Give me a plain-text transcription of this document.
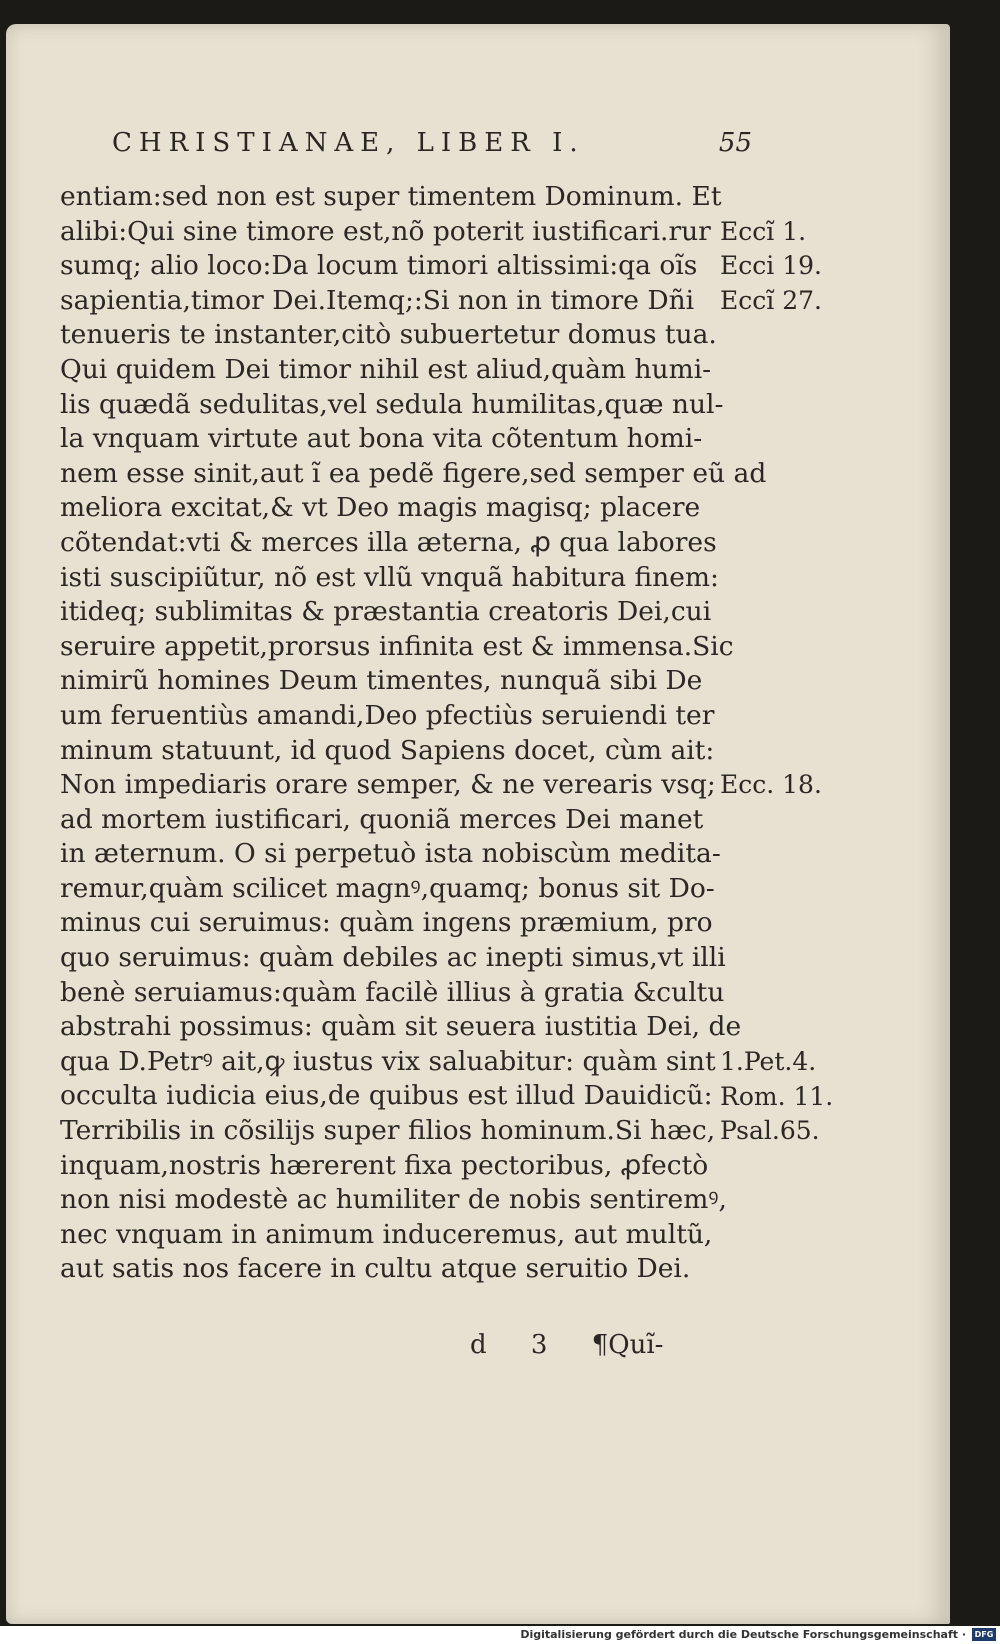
CHRISTIANAE, LIBER I.	55
entiam:sed non est super timentem Dominum. Et
alibi:Qui sine timore est,nõ poterit iustificari.rur
sumq; alio loco:Da locum timori altissimi:qa oĩs
sapientia,timor Dei.Itemq;:Si non in timore Dñi
tenueris te instanter,citò subuertetur domus tua.
Qui quidem Dei timor nihil est aliud,quàm humi-
lis quædã sedulitas,vel sedula humilitas,quæ nul-
la vnquam virtute aut bona vita cõtentum homi-
nem esse sinit,aut ĩ ea pedẽ figere,sed semper eũ ad
meliora excitat,& vt Deo magis magisq; placere
cõtendat:vti & merces illa æterna, ꝓ qua labores
isti suscipiũtur, nõ est vllũ vnquã habitura finem:
itideq; sublimitas & præstantia creatoris Dei,cui
seruire appetit,prorsus infinita est & immensa.Sic
nimirũ homines Deum timentes, nunquã sibi De
um feruentiùs amandi,Deo pfectiùs seruiendi ter
minum statuunt, id quod Sapiens docet, cùm ait:
Non impediaris orare semper, & ne verearis vsq;
ad mortem iustificari, quoniã merces Dei manet
in æternum. O si perpetuò ista nobiscùm medita-
remur,quàm scilicet magnꝰ,quamq; bonus sit Do-
minus cui seruimus: quàm ingens præmium, pro
quo seruimus: quàm debiles ac inepti simus,vt illi
benè seruiamus:quàm facilè illius à gratia &cultu
abstrahi possimus: quàm sit seuera iustitia Dei, de
qua D.Petrꝰ ait,ꝙ iustus vix saluabitur: quàm sint
occulta iudicia eius,de quibus est illud Dauidicũ:
Terribilis in cõsilijs super filios hominum.Si hæc,
inquam,nostris hærerent fixa pectoribus, ꝓfectò
non nisi modestè ac humiliter de nobis sentiremꝰ,
nec vnquam in animum induceremus, aut multũ,
aut satis nos facere in cultu atque seruitio Dei.
Eccĩ 1.
Ecci 19.
Eccĩ 27.
Ecc. 18.
1.Pet.4.
Rom. 11.
Psal.65.
d 3 ¶Quĩ-
Digitalisierung gefördert durch die Deutsche Forschungsgemeinschaft ·	DFG
